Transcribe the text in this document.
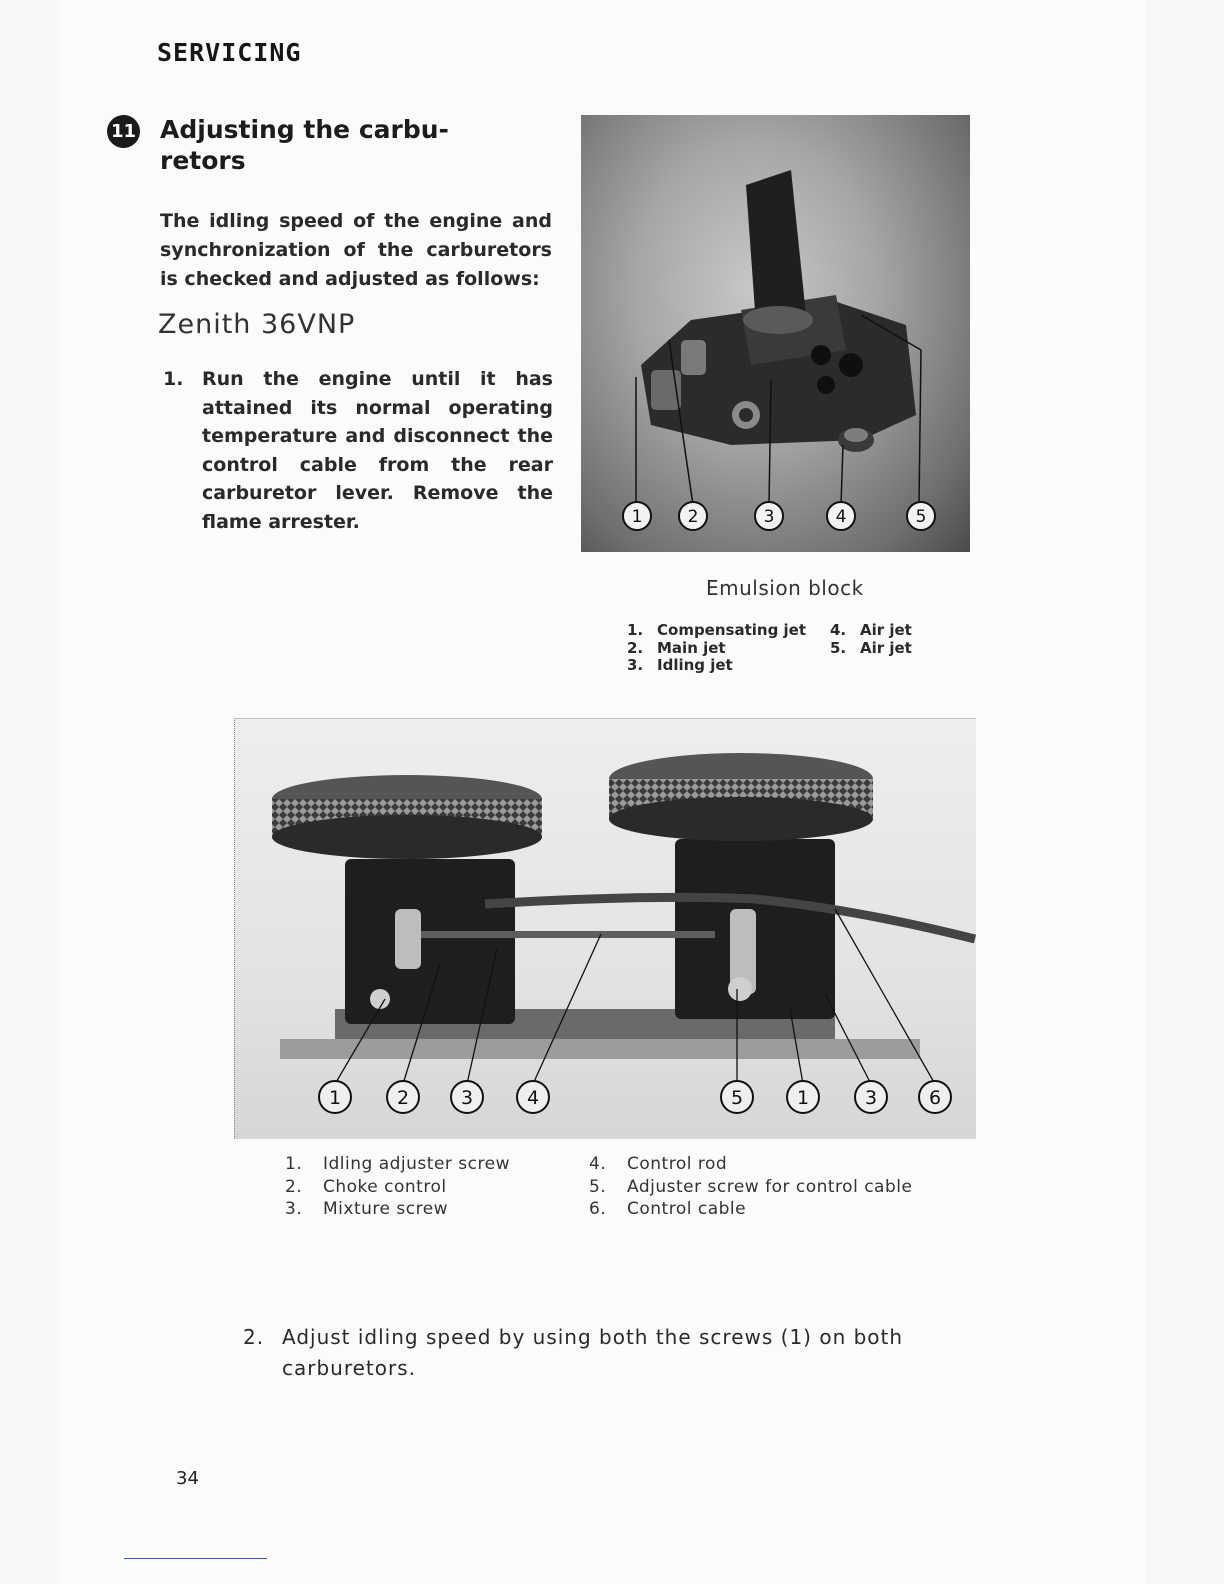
SERVICING
11 Adjusting the carbu-
retors
The idling speed of the engine and synchronization of the carburetors is checked and adjusted as follows:
Zenith 36VNP
1. Run the engine until it has attained its normal operating temperature and disconnect the control cable from the rear carburetor lever. Remove the flame arrester.	1	2	3	4	5
Emulsion block
1. Compensating jet
2. Main jet
3. Idling jet
4. Air jet
5. Air jet
1	2	3	4	5	1	3	6
1. Idling adjuster screw
2. Choke control
3. Mixture screw
4. Control rod
5. Adjuster screw for control cable
6. Control cable
2. Adjust idling speed by using both the screws (1) on both carburetors.
34
